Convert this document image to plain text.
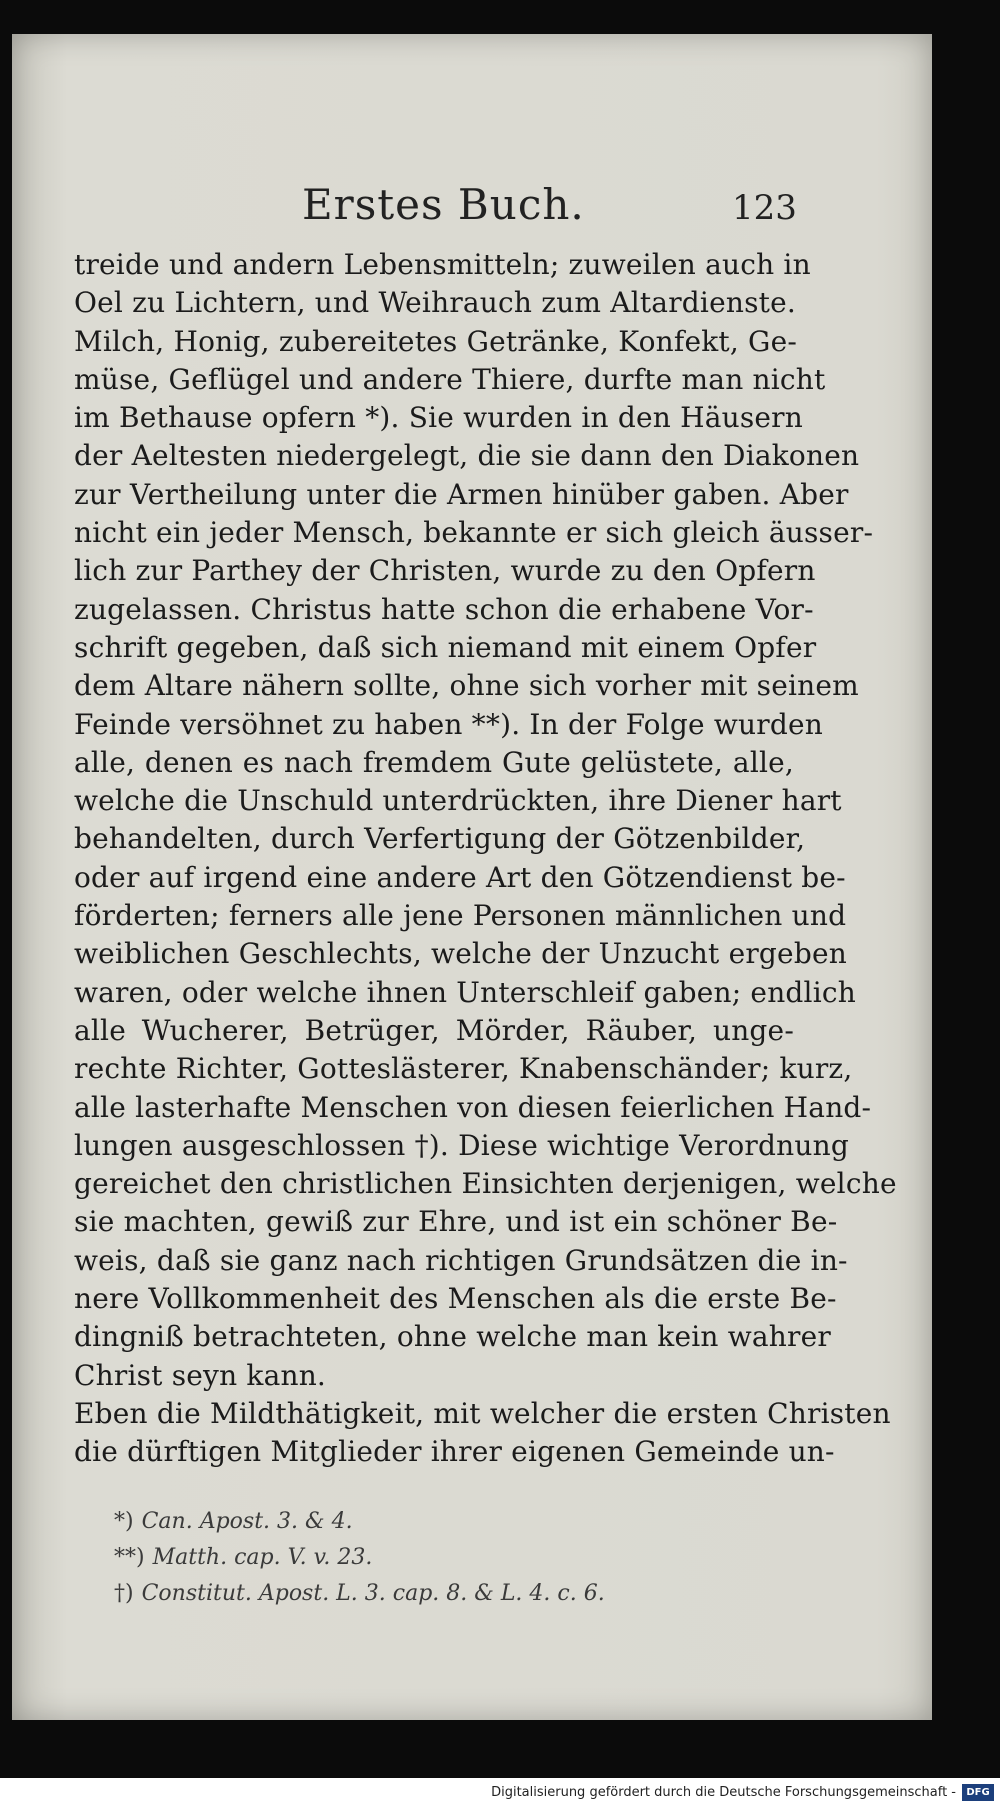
Erstes Buch.	123
treide und andern Lebensmitteln; zuweilen auch in
Oel zu Lichtern, und Weihrauch zum Altardienste.
Milch, Honig, zubereitetes Getränke, Konfekt, Ge-
müse, Geflügel und andere Thiere, durfte man nicht
im Bethause opfern *). Sie wurden in den Häusern
der Aeltesten niedergelegt, die sie dann den Diakonen
zur Vertheilung unter die Armen hinüber gaben. Aber
nicht ein jeder Mensch, bekannte er sich gleich äusser-
lich zur Parthey der Christen, wurde zu den Opfern
zugelassen. Christus hatte schon die erhabene Vor-
schrift gegeben, daß sich niemand mit einem Opfer
dem Altare nähern sollte, ohne sich vorher mit seinem
Feinde versöhnet zu haben **). In der Folge wurden
alle, denen es nach fremdem Gute gelüstete, alle,
welche die Unschuld unterdrückten, ihre Diener hart
behandelten, durch Verfertigung der Götzenbilder,
oder auf irgend eine andere Art den Götzendienst be-
förderten; ferners alle jene Personen männlichen und
weiblichen Geschlechts, welche der Unzucht ergeben
waren, oder welche ihnen Unterschleif gaben; endlich
alle Wucherer, Betrüger, Mörder, Räuber, unge-
rechte Richter, Gotteslästerer, Knabenschänder; kurz,
alle lasterhafte Menschen von diesen feierlichen Hand-
lungen ausgeschlossen †). Diese wichtige Verordnung
gereichet den christlichen Einsichten derjenigen, welche
sie machten, gewiß zur Ehre, und ist ein schöner Be-
weis, daß sie ganz nach richtigen Grundsätzen die in-
nere Vollkommenheit des Menschen als die erste Be-
dingniß betrachteten, ohne welche man kein wahrer
Christ seyn kann.
Eben die Mildthätigkeit, mit welcher die ersten Christen
die dürftigen Mitglieder ihrer eigenen Gemeinde un-
*) Can. Apost. 3. & 4.
**) Matth. cap. V. v. 23.
†) Constitut. Apost. L. 3. cap. 8. & L. 4. c. 6.
Digitalisierung gefördert durch die Deutsche Forschungsgemeinschaft -	DFG
